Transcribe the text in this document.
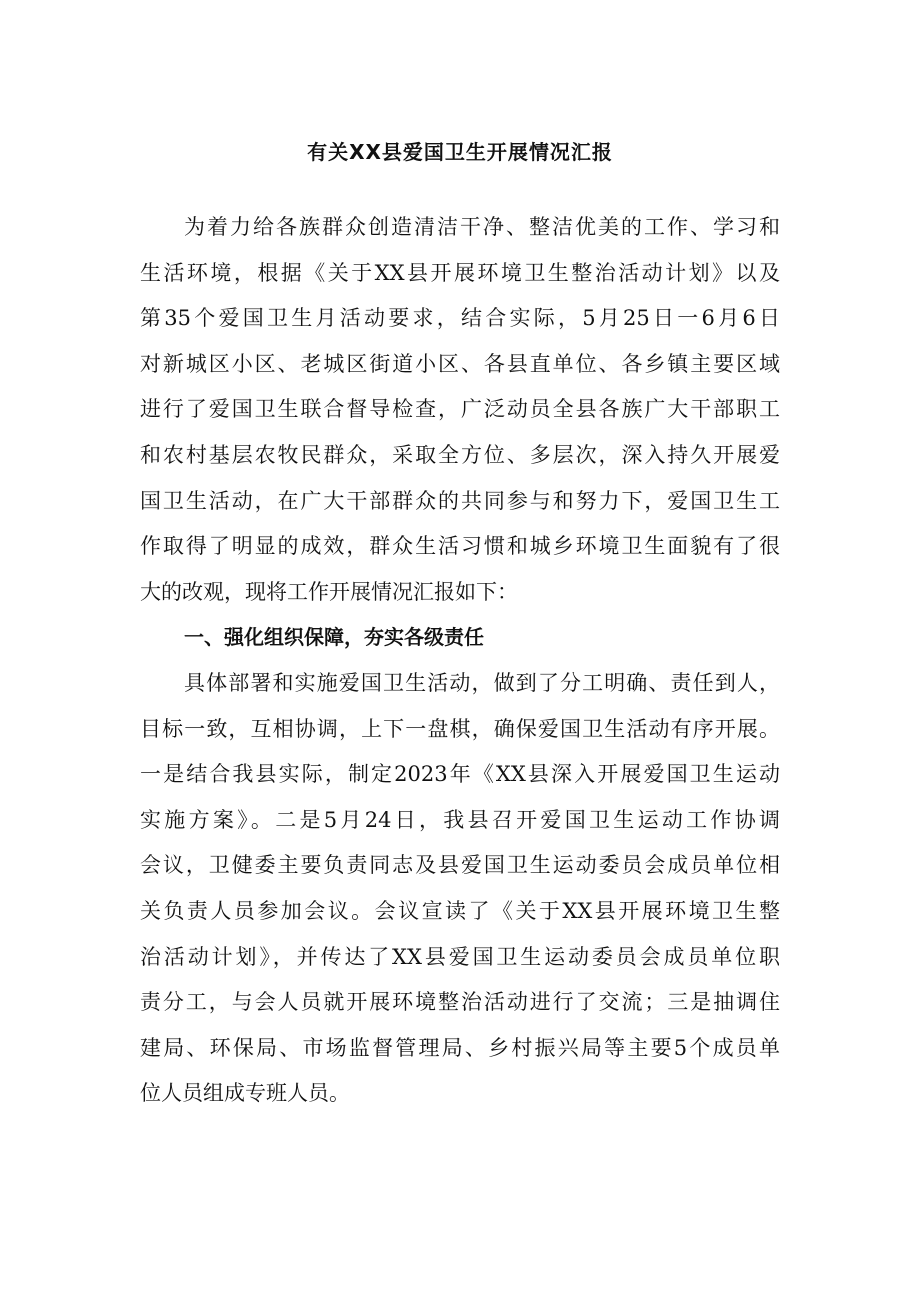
有关XX县爱国卫生开展情况汇报
为着力给各族群众创造清洁干净、整洁优美的工作、学习和
生活环境，根据《关于XX县开展环境卫生整治活动计划》以及
第35个爱国卫生月活动要求，结合实际，5月25日一6月6日
对新城区小区、老城区街道小区、各县直单位、各乡镇主要区域
进行了爱国卫生联合督导检查，广泛动员全县各族广大干部职工
和农村基层农牧民群众，采取全方位、多层次，深入持久开展爱
国卫生活动，在广大干部群众的共同参与和努力下，爱国卫生工
作取得了明显的成效，群众生活习惯和城乡环境卫生面貌有了很
大的改观，现将工作开展情况汇报如下：
一、强化组织保障，夯实各级责任
具体部署和实施爱国卫生活动，做到了分工明确、责任到人，
目标一致，互相协调，上下一盘棋，确保爱国卫生活动有序开展。
一是结合我县实际，制定2023年《XX县深入开展爱国卫生运动
实施方案》。二是5月24日，我县召开爱国卫生运动工作协调
会议，卫健委主要负责同志及县爱国卫生运动委员会成员单位相
关负责人员参加会议。会议宣读了《关于XX县开展环境卫生整
治活动计划》，并传达了XX县爱国卫生运动委员会成员单位职
责分工，与会人员就开展环境整治活动进行了交流；三是抽调住
建局、环保局、市场监督管理局、乡村振兴局等主要5个成员单
位人员组成专班人员。
